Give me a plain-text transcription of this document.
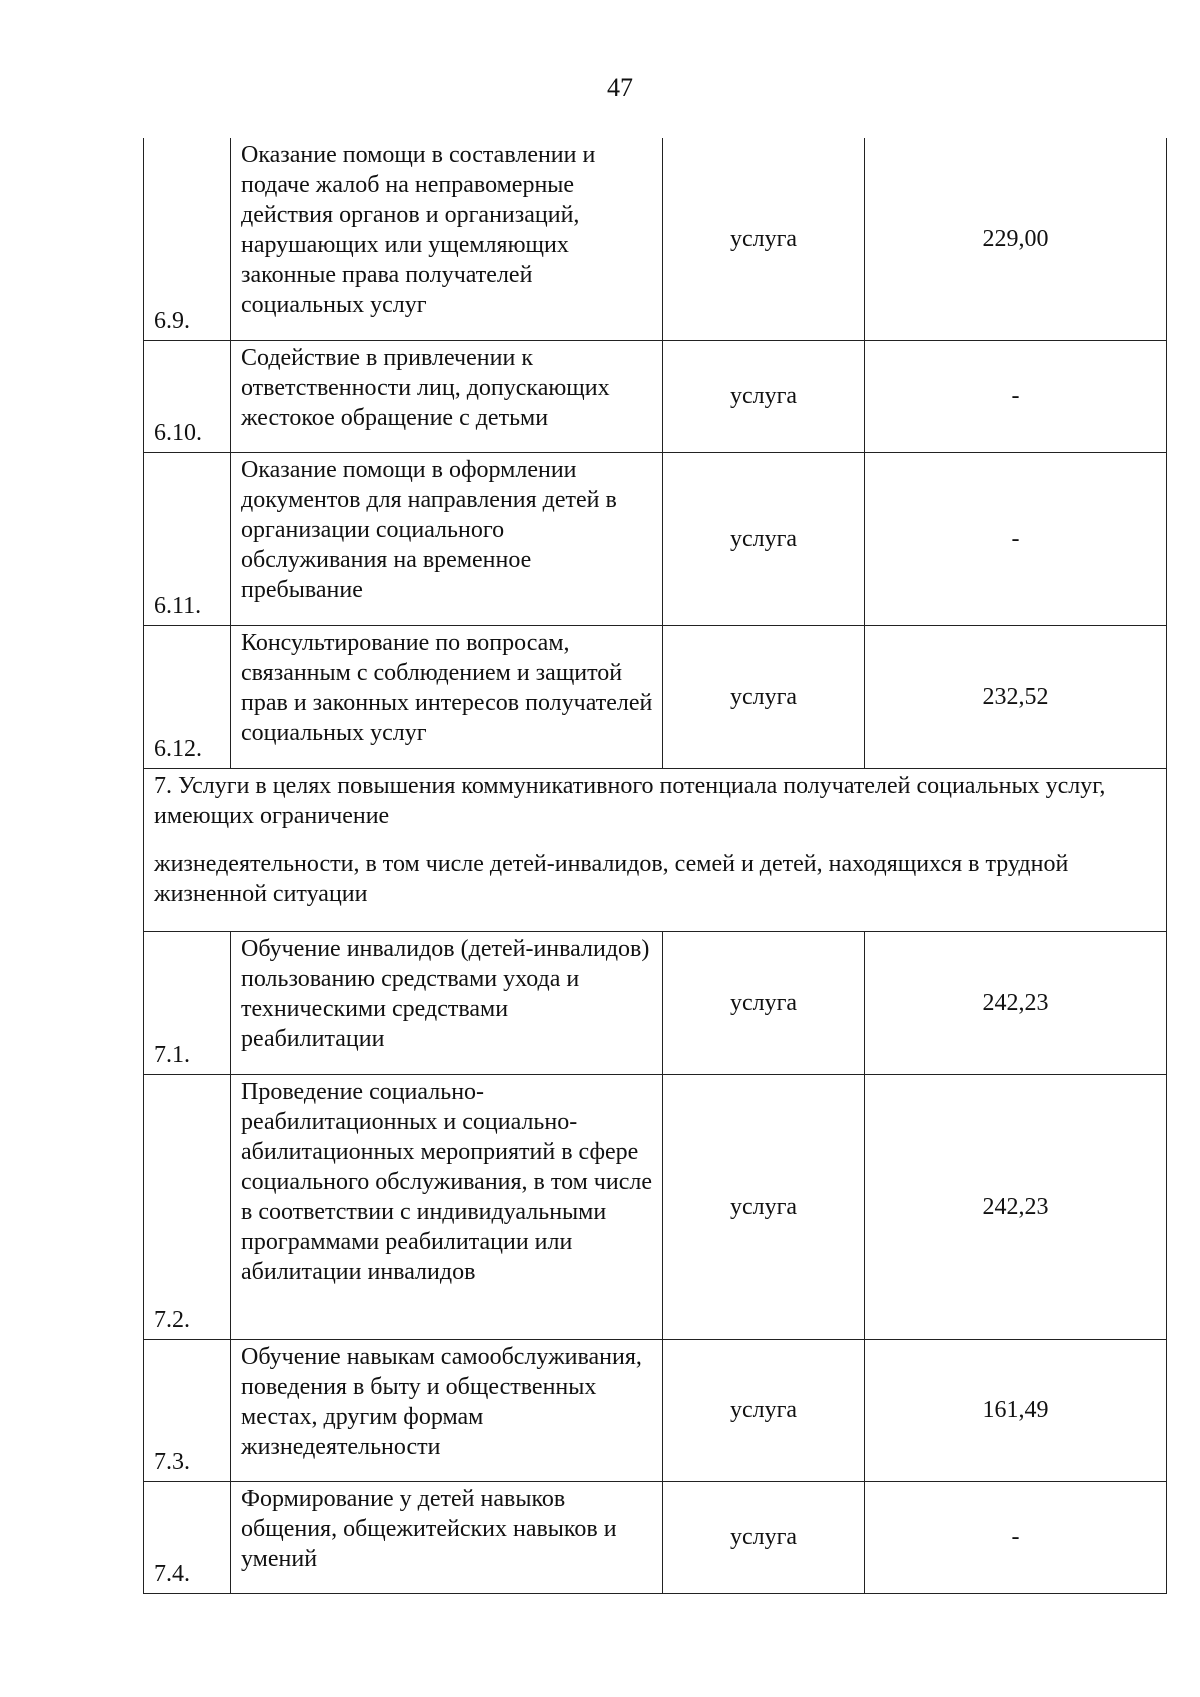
47
6.9.	Оказание помощи в составлении и подаче жалоб на неправомерные действия органов и организаций, нарушающих или ущемляющих законные права получателей социальных услуг	услуга	229,00
6.10.	Содействие в привлечении к ответственности лиц, допускающих жестокое обращение с детьми	услуга	-
6.11.	Оказание помощи в оформлении документов для направления детей в организации социального обслуживания на временное пребывание	услуга	-
6.12.	Консультирование по вопросам, связанным с соблюдением и защитой прав и законных интересов получателей социальных услуг	услуга	232,52

7. Услуги в целях повышения коммуникативного потенциала получателей социальных услуг, имеющих ограничение
жизнедеятельности, в том числе детей-инвалидов, семей и детей, находящихся в трудной жизненной ситуации			

7.1.	Обучение инвалидов (детей-инвалидов) пользованию средствами ухода и техническими средствами реабилитации	услуга	242,23
7.2.	Проведение социально-реабилитационных и социально-абилитационных мероприятий в сфере социального обслуживания, в том числе в соответствии с индивидуальными программами реабилитации или абилитации инвалидов	услуга	242,23
7.3.	Обучение навыкам самообслуживания, поведения в быту и общественных местах, другим формам жизнедеятельности	услуга	161,49
7.4.	Формирование у детей навыков общения, общежитейских навыков и умений	услуга	-
